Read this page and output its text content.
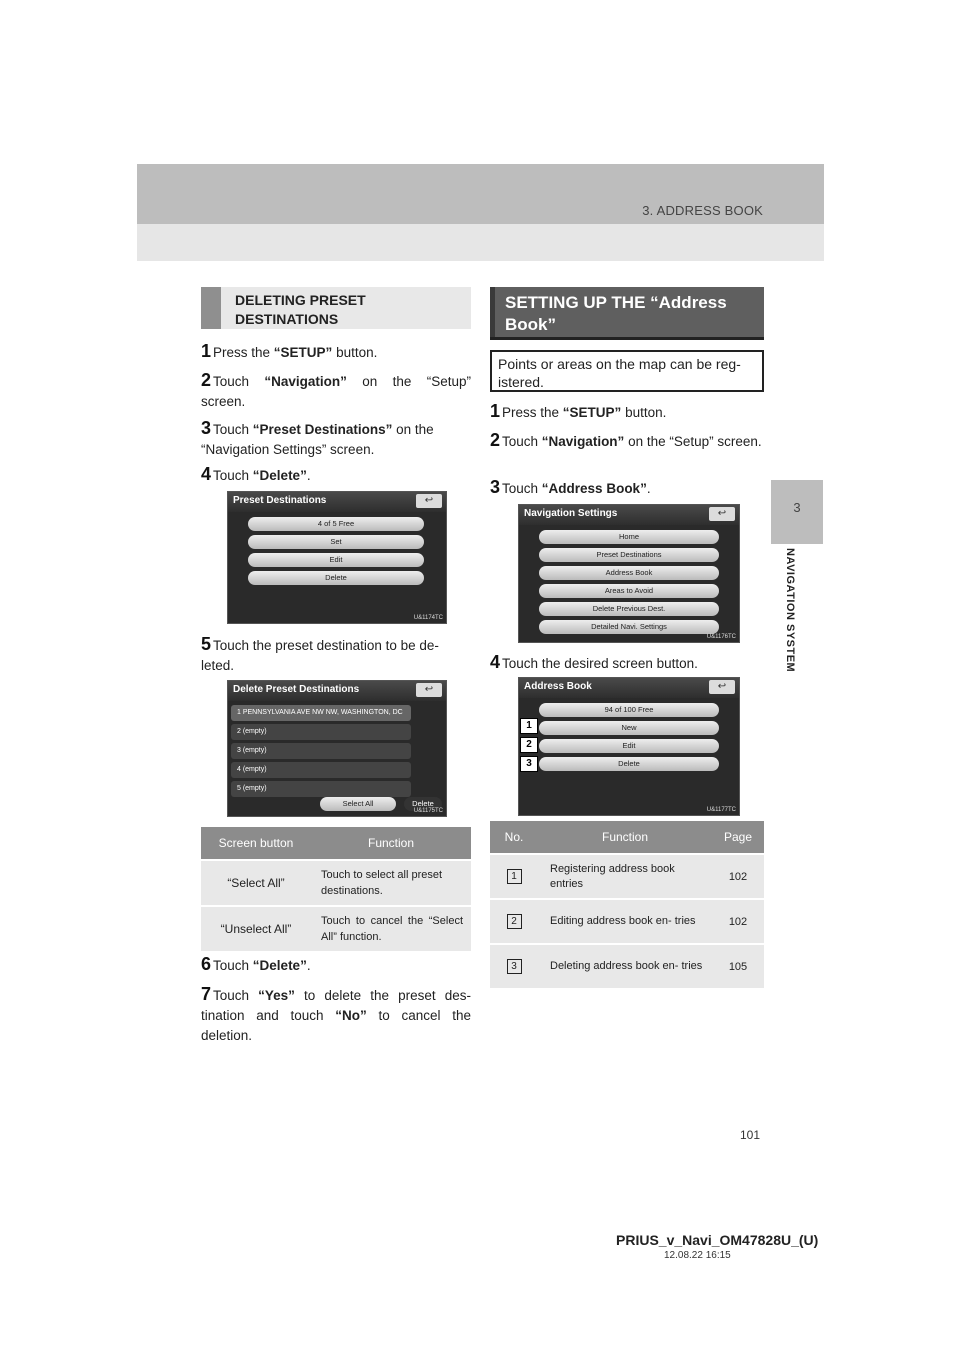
3. ADDRESS BOOK
3
NAVIGATION SYSTEM
DELETING PRESET DESTINATIONS
1 Press the “SETUP” button.
2 Touch “Navigation” on the “Setup” screen.
3 Touch “Preset Destinations” on the “Navigation Settings” screen.
4 Touch “Delete”.
Preset Destinations	↩
4 of 5 Free
Set
Edit
Delete
U&1174TC
5 Touch the preset destination to be de- leted.
Delete Preset Destinations	↩
1 PENNSYLVANIA AVE NW NW, WASHINGTON, DC
2 (empty)
3 (empty)
4 (empty)
5 (empty)
Select All	Delete
U&1175TC
Screen button	Function
“Select All”	Touch to select all preset destinations.
“Unselect All”	Touch to cancel the “Select All” function.
6 Touch “Delete”.
7 Touch “Yes” to delete the preset des- tination and touch “No” to cancel the deletion.
SETTING UP THE “Address Book”
Points or areas on the map can be reg- istered.
1 Press the “SETUP” button.
2 Touch “Navigation” on the “Setup” screen.
3 Touch “Address Book”.
Navigation Settings	↩
Home
Preset Destinations
Address Book
Areas to Avoid
Delete Previous Dest.
Detailed Navi. Settings
U&1176TC
4 Touch the desired screen button.
Address Book	↩
94 of 100 Free
New
Edit
Delete
1
2
3
U&1177TC
No.	Function	Page
1	Registering address book entries	102
2	Editing address book en- tries	102
3	Deleting address book en- tries	105
101
PRIUS_v_Navi_OM47828U_(U)
12.08.22 16:15
